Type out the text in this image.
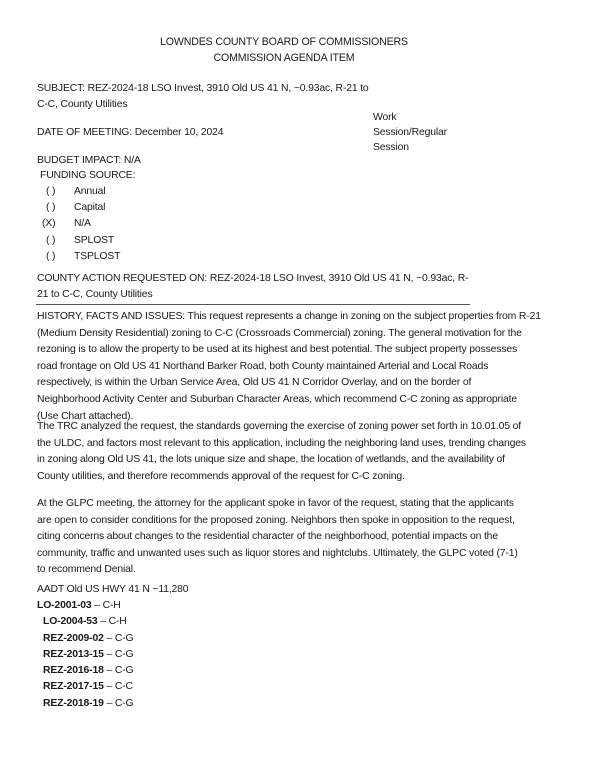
LOWNDES COUNTY BOARD OF COMMISSIONERS
COMMISSION AGENDA ITEM
SUBJECT: REZ-2024-18 LSO Invest, 3910 Old US 41 N, ~0.93ac, R-21 to
C-C, County Utilities
DATE OF MEETING: December 10, 2024
Work
Session/Regular
Session
BUDGET IMPACT: N/A
FUNDING SOURCE:
( ) Annual
( ) Capital
(X) N/A
( ) SPLOST
( ) TSPLOST
COUNTY ACTION REQUESTED ON: REZ-2024-18 LSO Invest, 3910 Old US 41 N, ~0.93ac, R-
21 to C-C, County Utilities
HISTORY, FACTS AND ISSUES: This request represents a change in zoning on the subject properties from R-21
(Medium Density Residential) zoning to C-C (Crossroads Commercial) zoning. The general motivation for the
rezoning is to allow the property to be used at its highest and best potential. The subject property possesses
road frontage on Old US 41 Northand Barker Road, both County maintained Arterial and Local Roads
respectively, is within the Urban Service Area, Old US 41 N Corridor Overlay, and on the border of
Neighborhood Activity Center and Suburban Character Areas, which recommend C-C zoning as appropriate
(Use Chart attached).
The TRC analyzed the request, the standards governing the exercise of zoning power set forth in 10.01.05 of
the ULDC, and factors most relevant to this application, including the neighboring land uses, trending changes
in zoning along Old US 41, the lots unique size and shape, the location of wetlands, and the availability of
County utilities, and therefore recommends approval of the request for C-C zoning.
At the GLPC meeting, the attorney for the applicant spoke in favor of the request, stating that the applicants
are open to consider conditions for the proposed zoning. Neighbors then spoke in opposition to the request,
citing concerns about changes to the residential character of the neighborhood, potential impacts on the
community, traffic and unwanted uses such as liquor stores and nightclubs. Ultimately, the GLPC voted (7-1)
to recommend Denial.
AADT Old US HWY 41 N ~11,280
LO-2001-03 – C-H
LO-2004-53 – C-H
REZ-2009-02 – C-G
REZ-2013-15 – C-G
REZ-2016-18 – C-G
REZ-2017-15 – C-C
REZ-2018-19 – C-G
